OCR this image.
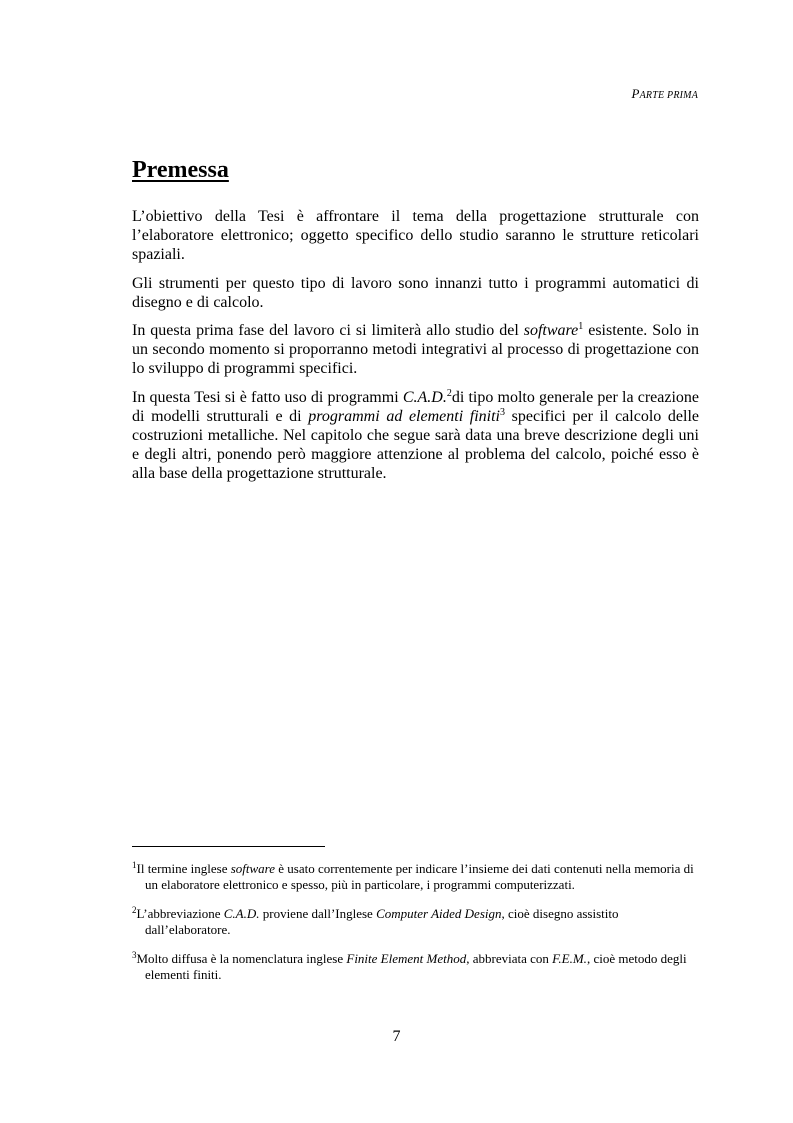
PARTE PRIMA
Premessa

L’obiettivo della Tesi è affrontare il tema della progettazione strutturale con l’elaboratore elettronico; oggetto specifico dello studio saranno le strutture reticolari spaziali.

Gli strumenti per questo tipo di lavoro sono innanzi tutto i programmi automatici di disegno e di calcolo.

In questa prima fase del lavoro ci si limiterà allo studio del software$^1$ esistente. Solo in un secondo momento si proporranno metodi integrativi al processo di progettazione con lo sviluppo di programmi specifici.

In questa Tesi si è fatto uso di programmi C.A.D.$^2$di tipo molto generale per la creazione di modelli strutturali e di programmi ad elementi finiti$^3$ specifici per il calcolo delle costruzioni metalliche. Nel capitolo che segue sarà data una breve descrizione degli uni e degli altri, ponendo però maggiore attenzione al problema del calcolo, poiché esso è alla base della progettazione strutturale.

$^1$Il termine inglese software è usato correntemente per indicare l’insieme dei dati contenuti nella memoria di un elaboratore elettronico e spesso, più in particolare, i programmi computerizzati.

$^2$L’abbreviazione C.A.D. proviene dall’Inglese Computer Aided Design, cioè disegno assistito dall’elaboratore.

$^3$Molto diffusa è la nomenclatura inglese Finite Element Method, abbreviata con F.E.M., cioè metodo degli elementi finiti.

7
